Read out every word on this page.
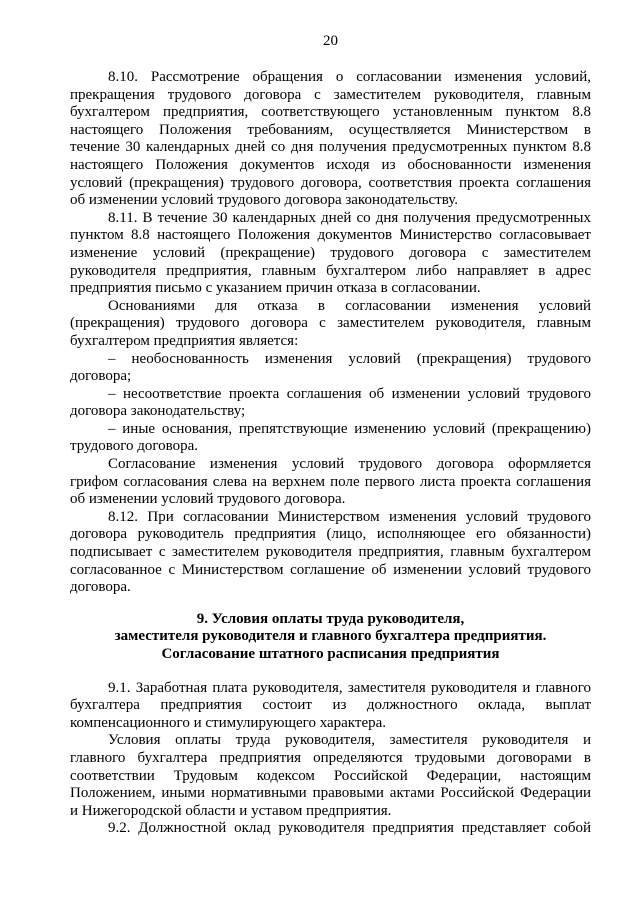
20
8.10. Рассмотрение обращения о согласовании изменения условий,
прекращения трудового договора с заместителем руководителя, главным
бухгалтером предприятия, соответствующего установленным пунктом 8.8
настоящего Положения требованиям, осуществляется Министерством в
течение 30 календарных дней со дня получения предусмотренных пунктом 8.8
настоящего Положения документов исходя из обоснованности изменения
условий (прекращения) трудового договора, соответствия проекта соглашения
об изменении условий трудового договора законодательству.
8.11. В течение 30 календарных дней со дня получения предусмотренных
пунктом 8.8 настоящего Положения документов Министерство согласовывает
изменение условий (прекращение) трудового договора с заместителем
руководителя предприятия, главным бухгалтером либо направляет в адрес
предприятия письмо с указанием причин отказа в согласовании.
Основаниями для отказа в согласовании изменения условий
(прекращения) трудового договора с заместителем руководителя, главным
бухгалтером предприятия является:
– необоснованность изменения условий (прекращения) трудового
договора;
– несоответствие проекта соглашения об изменении условий трудового
договора законодательству;
– иные основания, препятствующие изменению условий (прекращению)
трудового договора.
Согласование изменения условий трудового договора оформляется
грифом согласования слева на верхнем поле первого листа проекта соглашения
об изменении условий трудового договора.
8.12. При согласовании Министерством изменения условий трудового
договора руководитель предприятия (лицо, исполняющее его обязанности)
подписывает с заместителем руководителя предприятия, главным бухгалтером
согласованное с Министерством соглашение об изменении условий трудового
договора.
9. Условия оплаты труда руководителя,
заместителя руководителя и главного бухгалтера предприятия.
Согласование штатного расписания предприятия
9.1. Заработная плата руководителя, заместителя руководителя и главного
бухгалтера предприятия состоит из должностного оклада, выплат
компенсационного и стимулирующего характера.
Условия оплаты труда руководителя, заместителя руководителя и
главного бухгалтера предприятия определяются трудовыми договорами в
соответствии Трудовым кодексом Российской Федерации, настоящим
Положением, иными нормативными правовыми актами Российской Федерации
и Нижегородской области и уставом предприятия.
9.2. Должностной оклад руководителя предприятия представляет собой
